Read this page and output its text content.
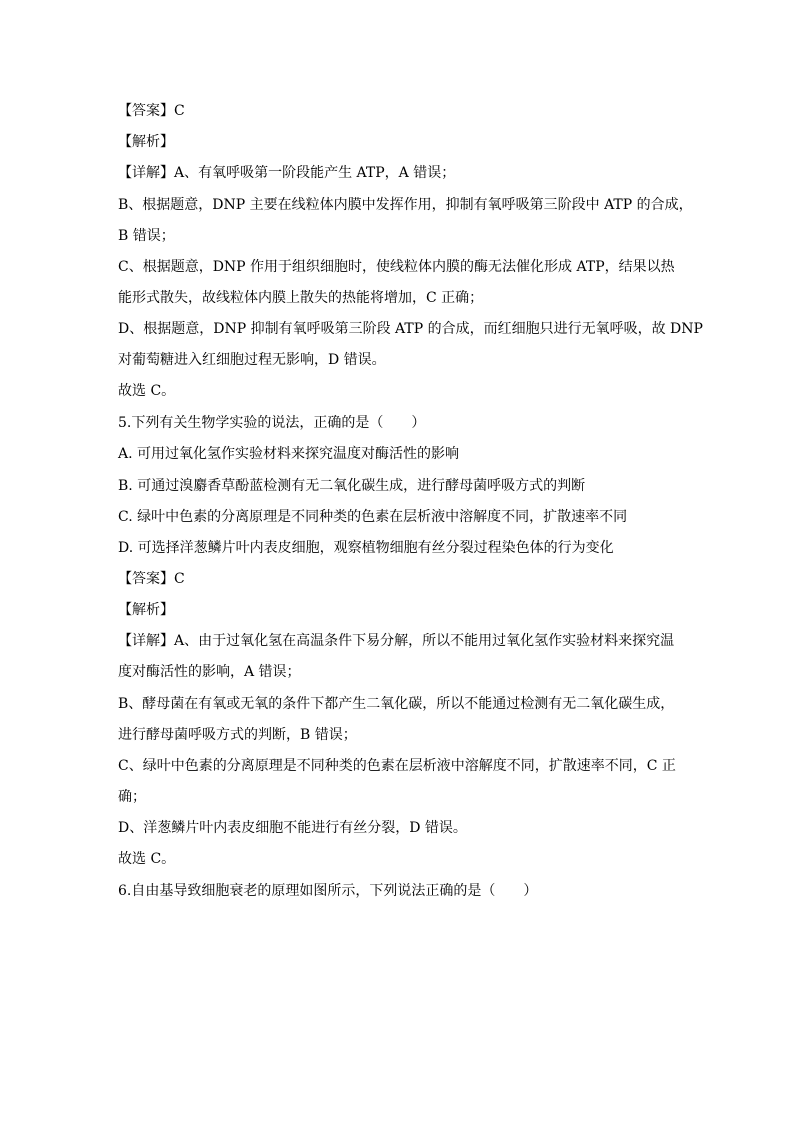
【答案】C
【解析】
【详解】A、有氧呼吸第一阶段能产生 ATP，A 错误；
B、根据题意，DNP 主要在线粒体内膜中发挥作用，抑制有氧呼吸第三阶段中 ATP 的合成，
B 错误；
C、根据题意，DNP 作用于组织细胞时，使线粒体内膜的酶无法催化形成 ATP，结果以热
能形式散失，故线粒体内膜上散失的热能将增加，C 正确；
D、根据题意，DNP 抑制有氧呼吸第三阶段 ATP 的合成，而红细胞只进行无氧呼吸，故 DNP
对葡萄糖进入红细胞过程无影响，D 错误。
故选 C。
5.下列有关生物学实验的说法，正确的是（　　）
A. 可用过氧化氢作实验材料来探究温度对酶活性的影响
B. 可通过溴麝香草酚蓝检测有无二氧化碳生成，进行酵母菌呼吸方式的判断
C. 绿叶中色素的分离原理是不同种类的色素在层析液中溶解度不同，扩散速率不同
D. 可选择洋葱鳞片叶内表皮细胞，观察植物细胞有丝分裂过程染色体的行为变化
【答案】C
【解析】
【详解】A、由于过氧化氢在高温条件下易分解，所以不能用过氧化氢作实验材料来探究温
度对酶活性的影响，A 错误；
B、酵母菌在有氧或无氧的条件下都产生二氧化碳，所以不能通过检测有无二氧化碳生成，
进行酵母菌呼吸方式的判断，B 错误；
C、绿叶中色素的分离原理是不同种类的色素在层析液中溶解度不同，扩散速率不同，C 正
确；
D、洋葱鳞片叶内表皮细胞不能进行有丝分裂，D 错误。
故选 C。
6.自由基导致细胞衰老的原理如图所示，下列说法正确的是（　　）
